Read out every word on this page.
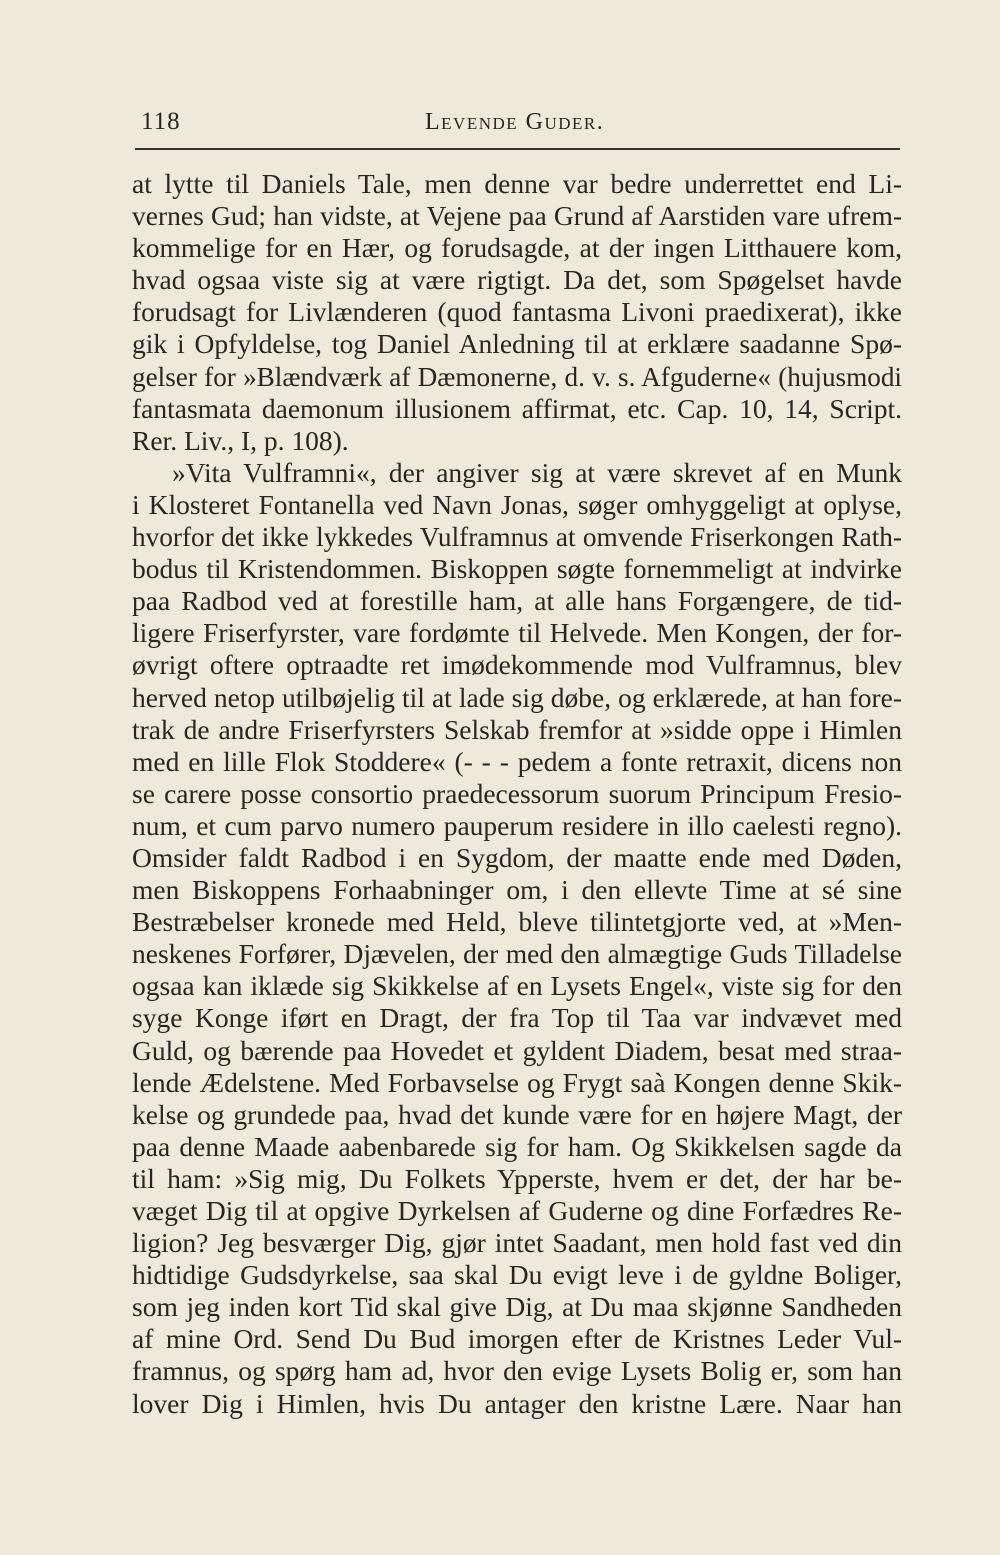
118	Levende Guder.
at lytte til Daniels Tale, men denne var bedre underrettet end Li-
vernes Gud; han vidste, at Vejene paa Grund af Aarstiden vare ufrem-
kommelige for en Hær, og forudsagde, at der ingen Litthauere kom,
hvad ogsaa viste sig at være rigtigt. Da det, som Spøgelset havde
forudsagt for Livlænderen (quod fantasma Livoni praedixerat), ikke
gik i Opfyldelse, tog Daniel Anledning til at erklære saadanne Spø-
gelser for »Blændværk af Dæmonerne, d. v. s. Afguderne« (hujusmodi
fantasmata daemonum illusionem affirmat, etc. Cap. 10, 14, Script.
Rer. Liv., I, p. 108).
»Vita Vulframni«, der angiver sig at være skrevet af en Munk
i Klosteret Fontanella ved Navn Jonas, søger omhyggeligt at oplyse,
hvorfor det ikke lykkedes Vulframnus at omvende Friserkongen Rath-
bodus til Kristendommen. Biskoppen søgte fornemmeligt at indvirke
paa Radbod ved at forestille ham, at alle hans Forgængere, de tid-
ligere Friserfyrster, vare fordømte til Helvede. Men Kongen, der for-
øvrigt oftere optraadte ret imødekommende mod Vulframnus, blev
herved netop utilbøjelig til at lade sig døbe, og erklærede, at han fore-
trak de andre Friserfyrsters Selskab fremfor at »sidde oppe i Himlen
med en lille Flok Stoddere« (- - - pedem a fonte retraxit, dicens non
se carere posse consortio praedecessorum suorum Principum Fresio-
num, et cum parvo numero pauperum residere in illo caelesti regno).
Omsider faldt Radbod i en Sygdom, der maatte ende med Døden,
men Biskoppens Forhaabninger om, i den ellevte Time at sé sine
Bestræbelser kronede med Held, bleve tilintetgjorte ved, at »Men-
neskenes Forfører, Djævelen, der med den almægtige Guds Tilladelse
ogsaa kan iklæde sig Skikkelse af en Lysets Engel«, viste sig for den
syge Konge iført en Dragt, der fra Top til Taa var indvævet med
Guld, og bærende paa Hovedet et gyldent Diadem, besat med straa-
lende Ædelstene. Med Forbavselse og Frygt saà Kongen denne Skik-
kelse og grundede paa, hvad det kunde være for en højere Magt, der
paa denne Maade aabenbarede sig for ham. Og Skikkelsen sagde da
til ham: »Sig mig, Du Folkets Ypperste, hvem er det, der har be-
væget Dig til at opgive Dyrkelsen af Guderne og dine Forfædres Re-
ligion? Jeg besværger Dig, gjør intet Saadant, men hold fast ved din
hidtidige Gudsdyrkelse, saa skal Du evigt leve i de gyldne Boliger,
som jeg inden kort Tid skal give Dig, at Du maa skjønne Sandheden
af mine Ord. Send Du Bud imorgen efter de Kristnes Leder Vul-
framnus, og spørg ham ad, hvor den evige Lysets Bolig er, som han
lover Dig i Himlen, hvis Du antager den kristne Lære. Naar han
